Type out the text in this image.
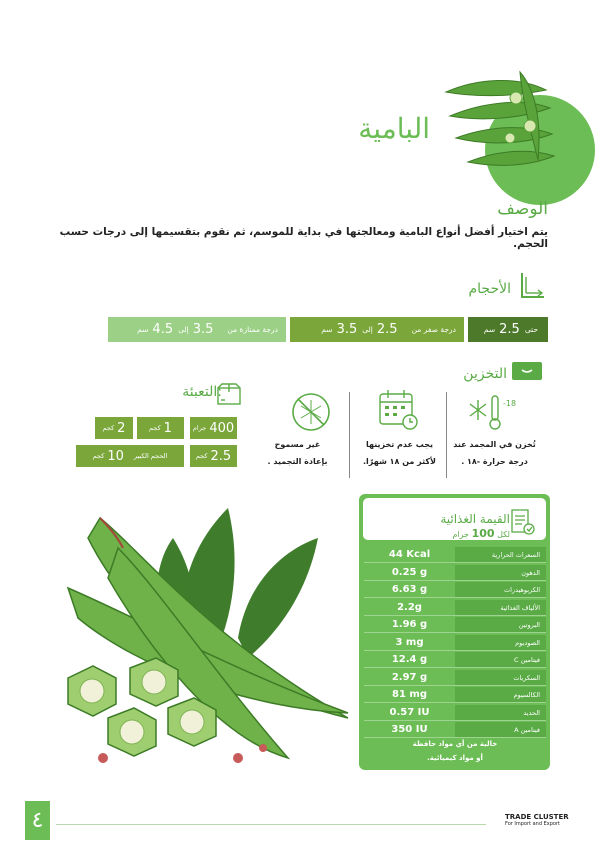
البامية
الوصف
يتم اختيار أفضل أنواع البامية ومعالجتها في بداية للموسم، ثم نقوم بتقسيمها إلى درجات حسب الحجم.
الأحجام
حتى
2.5
سم
درجة صفر من
2.5
إلى
3.5
سم
درجة ممتازة من
3.5
إلى
4.5
سم
التخزين
-18
تُخزن في المجمد عند
درجة حرارة -١٨ .
يجب عدم تخزينها
لأكثر من ١٨ شهرًا.
غير مسموح
بإعادة التجميد .
التعبئة:
400
جرام
1
كجم
2
كجم
2.5
كجم
الحجم الكبير
10
كجم
القيمة الغذائية
لكل 100 جرام
44 Kcal	السعرات الحرارية
0.25 g	الدهون
6.63 g	الكربوهيدرات
2.2g	الألياف الغذائية
1.96 g	البروتين
3 mg	الصوديوم
12.4 g	فيتامين C
2.97 g	السكريات
81 mg	الكالسيوم
0.57 IU	الحديد
350 IU	فيتامين A
خالية من أي مواد حافظة
أو مواد كيميائية.
٤	TRADE CLUSTER
For Import and Export
